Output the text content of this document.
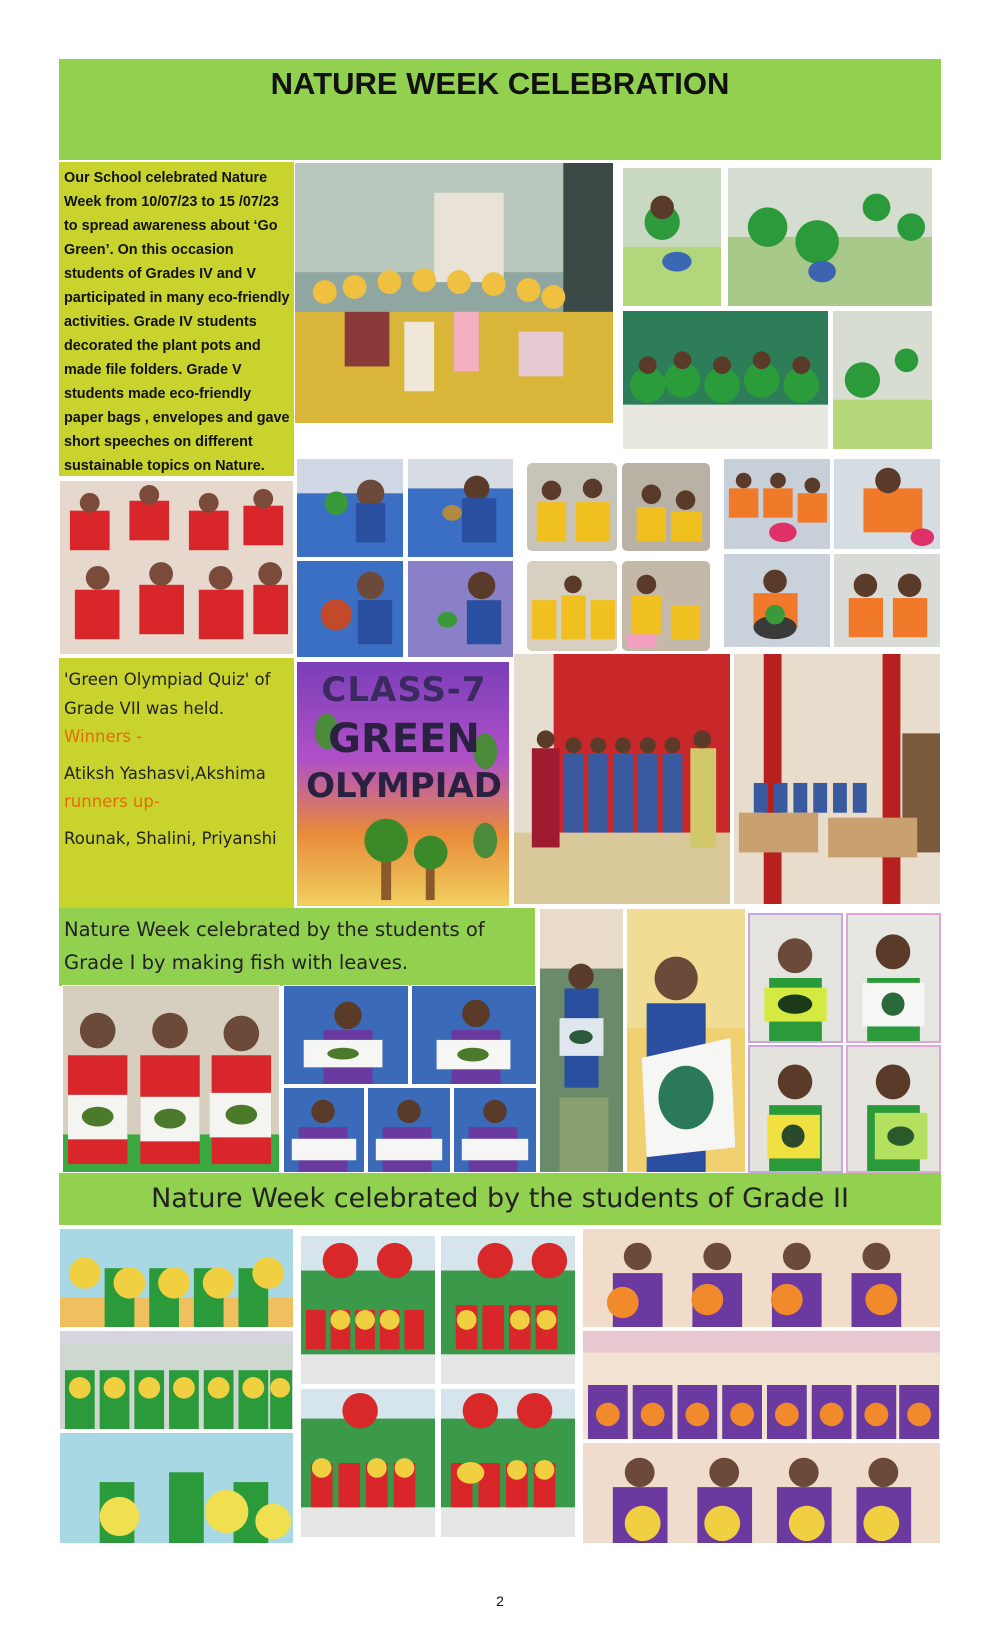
NATURE WEEK CELEBRATION
Our School celebrated Nature Week from 10/07/23 to 15 /07/23 to spread awareness about ‘Go Green’. On this occasion students of Grades IV and V participated in many eco-friendly activities. Grade IV students decorated the plant pots and made file folders. Grade V students made eco-friendly paper bags , envelopes and gave short speeches on different sustainable topics on Nature.
'Green Olympiad Quiz' of Grade VII was held.
Winners -
Atiksh Yashasvi,Akshima
runners up-
Rounak, Shalini, Priyanshi
CLASS-7
GREEN
OLYMPIAD
Nature Week celebrated by the students of Grade I by making fish with leaves.
Nature Week celebrated by the students of Grade II
2
